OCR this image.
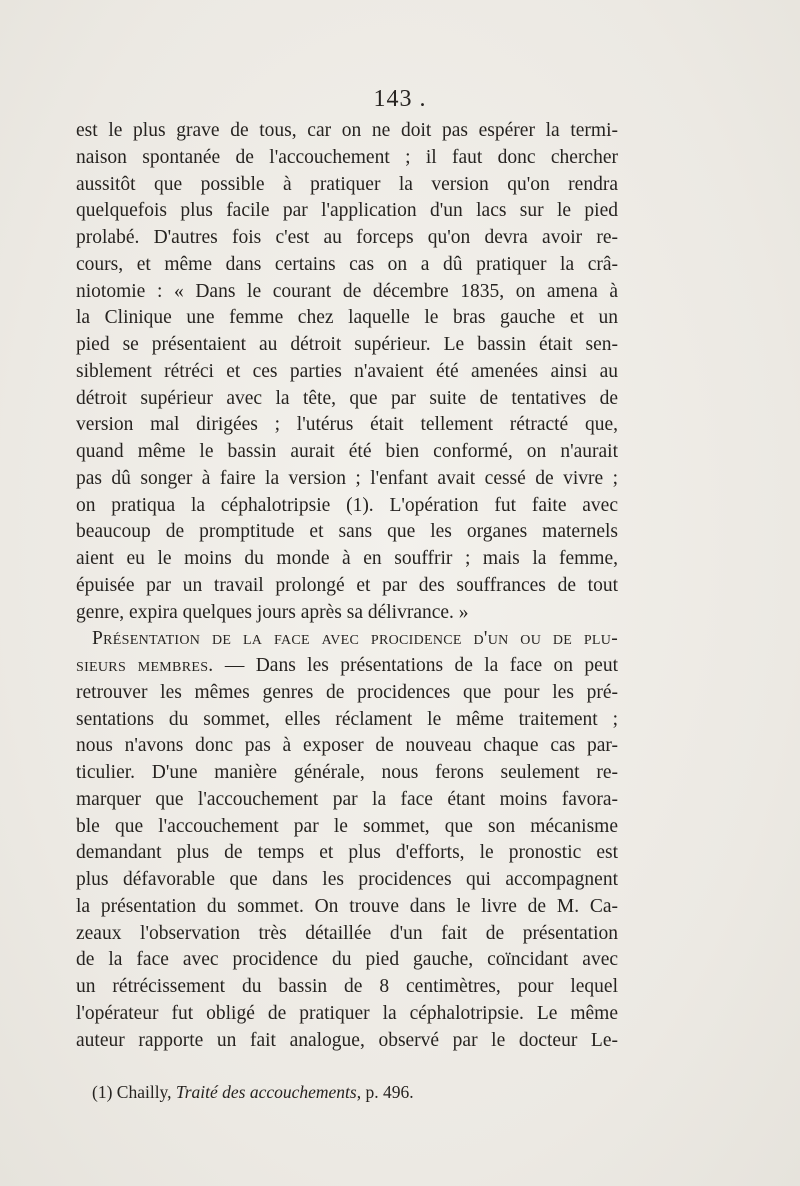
143 .
est le plus grave de tous, car on ne doit pas espérer la termi-
naison spontanée de l'accouchement ; il faut donc chercher
aussitôt que possible à pratiquer la version qu'on rendra
quelquefois plus facile par l'application d'un lacs sur le pied
prolabé. D'autres fois c'est au forceps qu'on devra avoir re-
cours, et même dans certains cas on a dû pratiquer la crâ-
niotomie : « Dans le courant de décembre 1835, on amena à
la Clinique une femme chez laquelle le bras gauche et un
pied se présentaient au détroit supérieur. Le bassin était sen-
siblement rétréci et ces parties n'avaient été amenées ainsi au
détroit supérieur avec la tête, que par suite de tentatives de
version mal dirigées ; l'utérus était tellement rétracté que,
quand même le bassin aurait été bien conformé, on n'aurait
pas dû songer à faire la version ; l'enfant avait cessé de vivre ;
on pratiqua la céphalotripsie (1). L'opération fut faite avec
beaucoup de promptitude et sans que les organes maternels
aient eu le moins du monde à en souffrir ; mais la femme,
épuisée par un travail prolongé et par des souffrances de tout
genre, expira quelques jours après sa délivrance. »
Présentation de la face avec procidence d'un ou de plu-
sieurs membres. — Dans les présentations de la face on peut
retrouver les mêmes genres de procidences que pour les pré-
sentations du sommet, elles réclament le même traitement ;
nous n'avons donc pas à exposer de nouveau chaque cas par-
ticulier. D'une manière générale, nous ferons seulement re-
marquer que l'accouchement par la face étant moins favora-
ble que l'accouchement par le sommet, que son mécanisme
demandant plus de temps et plus d'efforts, le pronostic est
plus défavorable que dans les procidences qui accompagnent
la présentation du sommet. On trouve dans le livre de M. Ca-
zeaux l'observation très détaillée d'un fait de présentation
de la face avec procidence du pied gauche, coïncidant avec
un rétrécissement du bassin de 8 centimètres, pour lequel
l'opérateur fut obligé de pratiquer la céphalotripsie. Le même
auteur rapporte un fait analogue, observé par le docteur Le-
(1) Chailly, Traité des accouchements, p. 496.
